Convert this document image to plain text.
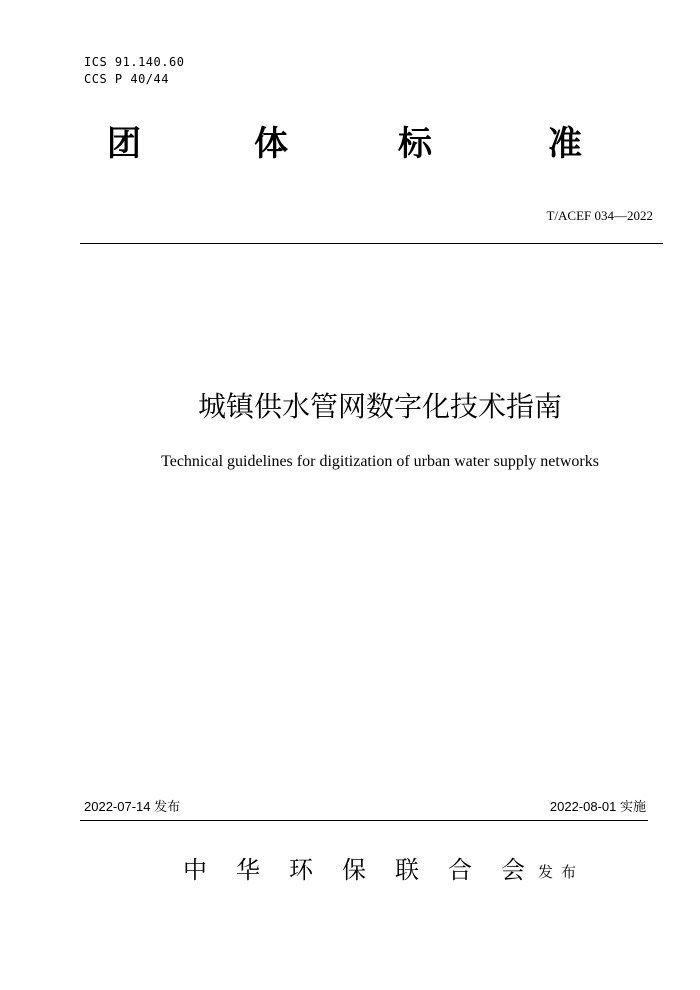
ICS 91.140.60
CCS P 40/44
团	体	标	准
T/ACEF 034—2022
城镇供水管网数字化技术指南
Technical guidelines for digitization of urban water supply networks
2022-07-14 发布	2022-08-01 实施
中 华 环 保 联 合 会 发布
